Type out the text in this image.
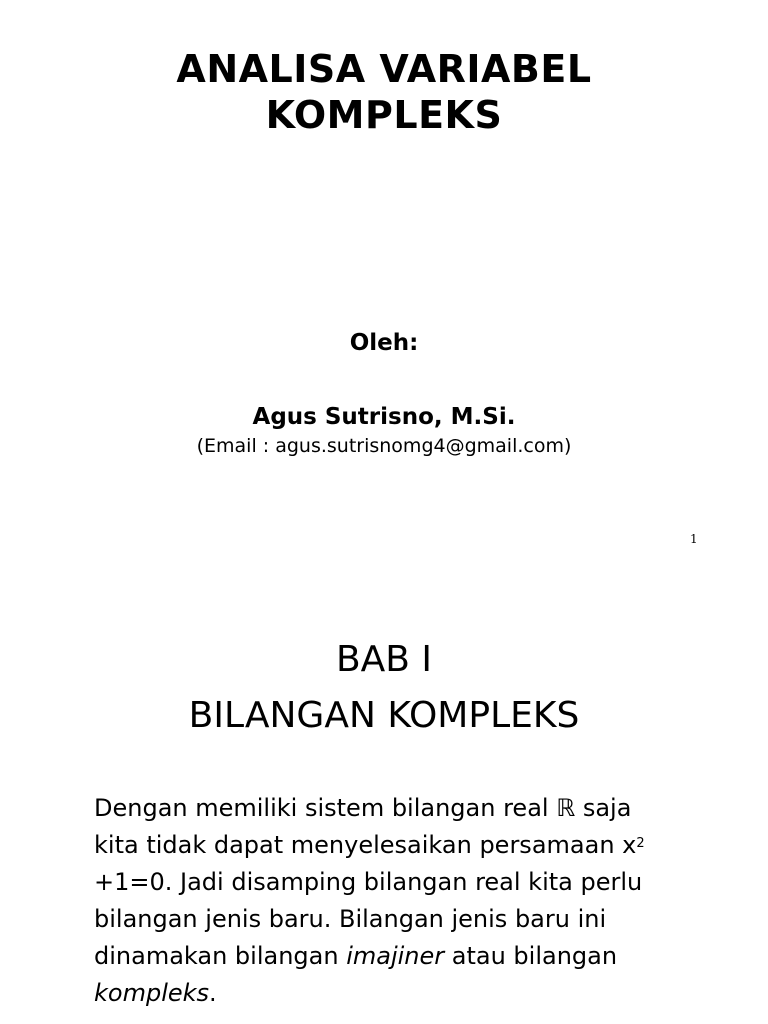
ANALISA VARIABEL
KOMPLEKS
Oleh:
Agus Sutrisno, M.Si.
(Email : agus.sutrisnomg4@gmail.com)
1
BAB I
BILANGAN KOMPLEKS
Dengan memiliki sistem bilangan real ℝ saja
kita tidak dapat menyelesaikan persamaan $x^2$
+1=0. Jadi disamping bilangan real kita perlu
bilangan jenis baru. Bilangan jenis baru ini
dinamakan bilangan imajiner atau bilangan
kompleks.
